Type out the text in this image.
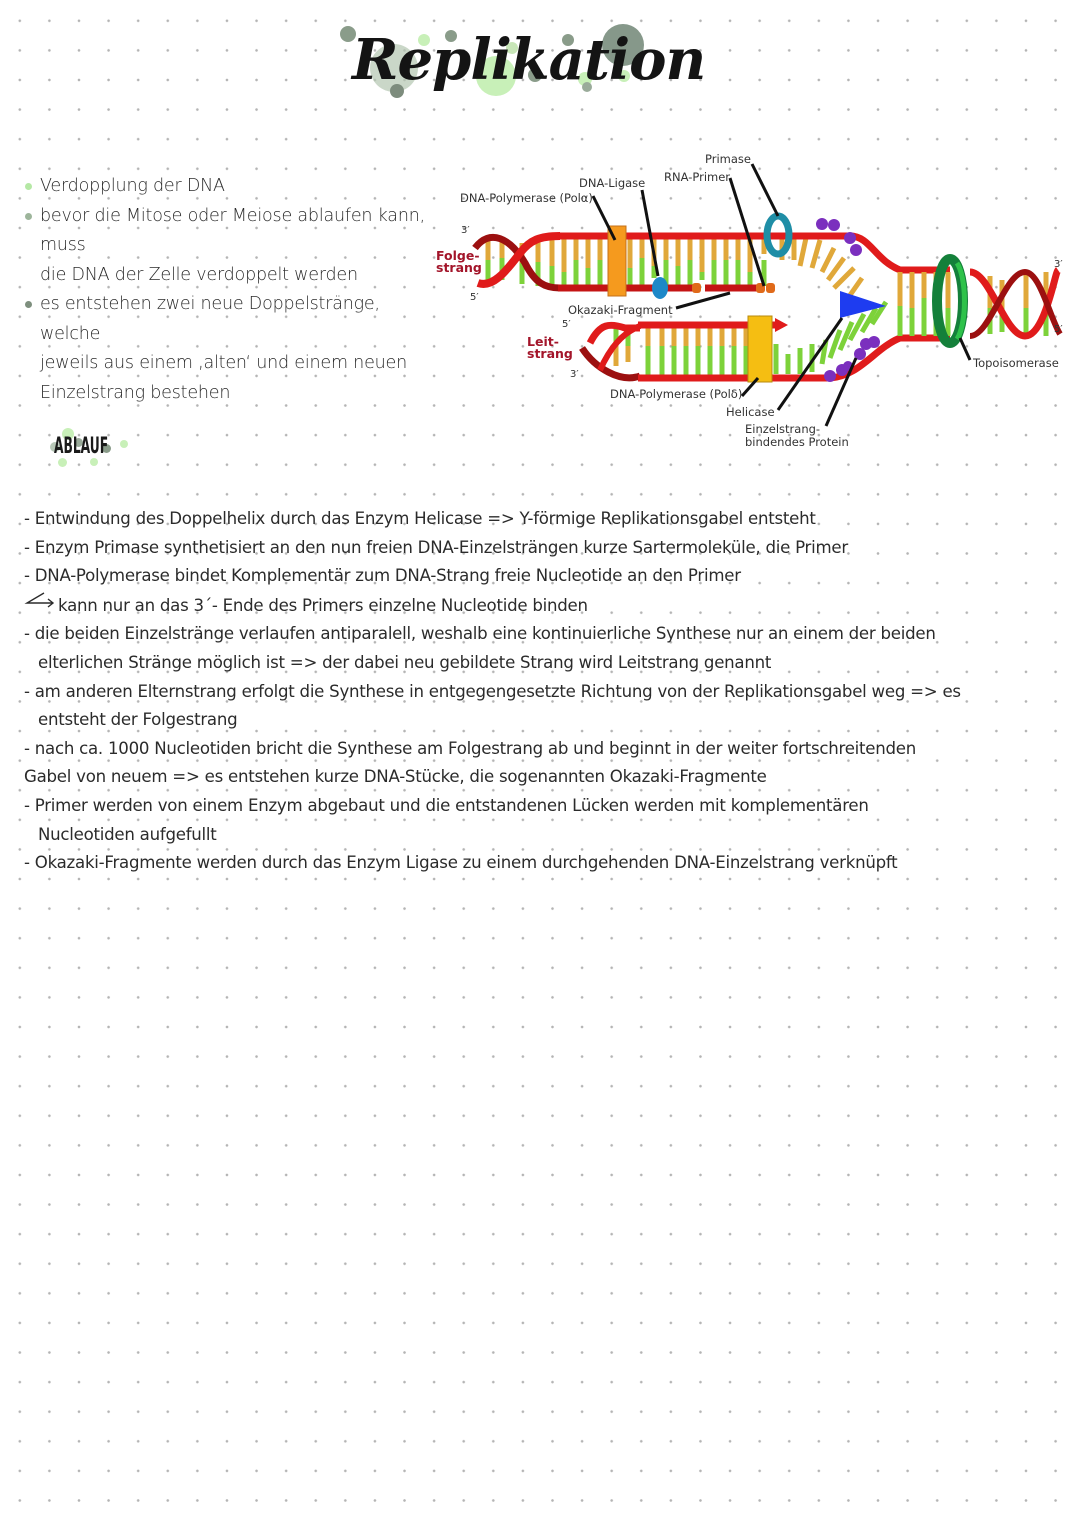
Replikation
Verdopplung der DNA
bevor die Mitose oder Meiose ablaufen kann, muss
die DNA der Zelle verdoppelt werden
es entstehen zwei neue Doppelstränge, welche
jeweils aus einem ‚alten‘ und einem neuen
Einzelstrang bestehen
Primase
DNA-Ligase RNA-Primer
DNA-Polymerase (Polα)
Okazaki-Fragment
DNA-Polymerase (Polδ)
Helicase
Einzelstrang-
bindendes Protein
Topoisomerase
Folge-
strang
Leit-
strang
3′
5′
5′
3′
3′
5′
ABLAUF
- Entwindung des Doppelhelix durch das Enzym Helicase => Y-förmige Replikationsgabel entsteht
- Enzym Primase synthetisiert an den nun freien DNA-Einzelsträngen kurze Sartermoleküle, die Primer
- DNA-Polymerase bindet Komplementär zum DNA-Strang freie Nucleotide an den Primer
kann nur an das 3´- Ende des Primers einzelne Nucleotide binden
- die beiden Einzelstränge verlaufen antiparalell, weshalb eine kontinuierliche Synthese nur an einem der beiden
elterlichen Stränge möglich ist => der dabei neu gebildete Strang wird Leitstrang genannt
- am anderen Elternstrang erfolgt die Synthese in entgegengesetzte Richtung von der Replikationsgabel weg => es
entsteht der Folgestrang
- nach ca. 1000 Nucleotiden bricht die Synthese am Folgestrang ab und beginnt in der weiter fortschreitenden
Gabel von neuem => es entstehen kurze DNA-Stücke, die sogenannten Okazaki-Fragmente
- Primer werden von einem Enzym abgebaut und die entstandenen Lücken werden mit komplementären
Nucleotiden aufgefullt
- Okazaki-Fragmente werden durch das Enzym Ligase zu einem durchgehenden DNA-Einzelstrang verknüpft
